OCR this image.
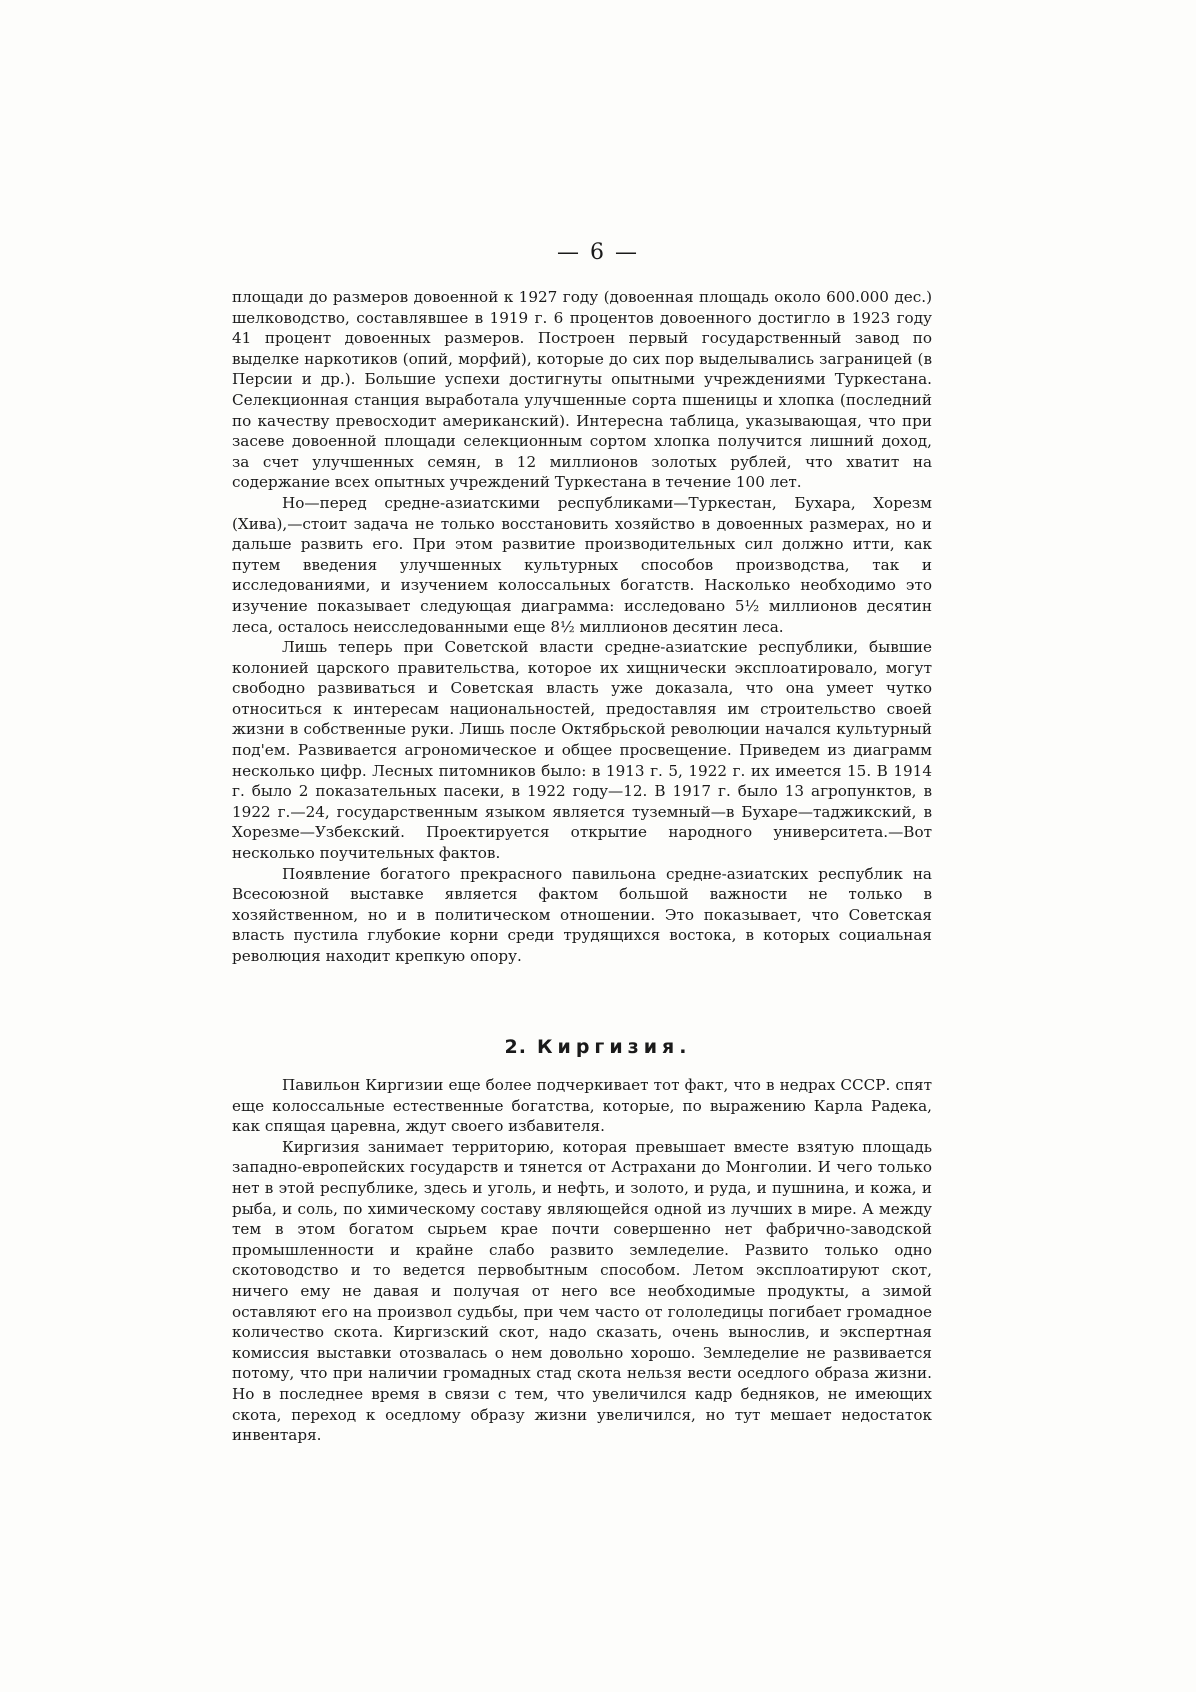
— 6 —

площади до размеров довоенной к 1927 году (довоенная площадь около 600.000 дес.) шелководство, составлявшее в 1919 г. 6 процентов довоенного достигло в 1923 году 41 процент довоенных размеров. Построен первый государственный завод по выделке наркотиков (опий, морфий), которые до сих пор выделывались заграницей (в Персии и др.). Большие успехи достигнуты опытными учреждениями Туркестана. Селекционная станция выработала улучшенные сорта пшеницы и хлопка (последний по качеству превосходит американский). Интересна таблица, указывающая, что при засеве довоенной площади селекционным сортом хлопка получится лишний доход, за счет улучшенных семян, в 12 миллионов золотых рублей, что хватит на содержание всех опытных учреждений Туркестана в течение 100 лет.

Но—перед средне-азиатскими республиками—Туркестан, Бухара, Хорезм (Хива),—стоит задача не только восстановить хозяйство в довоенных размерах, но и дальше развить его. При этом развитие производительных сил должно итти, как путем введения улучшенных культурных способов производства, так и исследованиями, и изучением колоссальных богатств. Насколько необходимо это изучение показывает следующая диаграмма: исследовано 5½ миллионов десятин леса, осталось неисследованными еще 8½ миллионов десятин леса.

Лишь теперь при Советской власти средне-азиатские республики, бывшие колонией царского правительства, которое их хищнически эксплоатировало, могут свободно развиваться и Советская власть уже доказала, что она умеет чутко относиться к интересам национальностей, предоставляя им строительство своей жизни в собственные руки. Лишь после Октябрьской революции начался культурный под'ем. Развивается агрономическое и общее просвещение. Приведем из диаграмм несколько цифр. Лесных питомников было: в 1913 г. 5, 1922 г. их имеется 15. В 1914 г. было 2 показательных пасеки, в 1922 году—12. В 1917 г. было 13 агропунктов, в 1922 г.—24, государственным языком является туземный—в Бухаре—таджикский, в Хорезме—Узбекский. Проектируется открытие народного университета.—Вот несколько поучительных фактов.

Появление богатого прекрасного павильона средне-азиатских республик на Всесоюзной выставке является фактом большой важности не только в хозяйственном, но и в политическом отношении. Это показывает, что Советская власть пустила глубокие корни среди трудящихся востока, в которых социальная революция находит крепкую опору.

2. Киргизия.

Павильон Киргизии еще более подчеркивает тот факт, что в недрах СССР. спят еще колоссальные естественные богатства, которые, по выражению Карла Радека, как спящая царевна, ждут своего избавителя.

Киргизия занимает территорию, которая превышает вместе взятую площадь западно-европейских государств и тянется от Астрахани до Монголии. И чего только нет в этой республике, здесь и уголь, и нефть, и золото, и руда, и пушнина, и кожа, и рыба, и соль, по химическому составу являющейся одной из лучших в мире. А между тем в этом богатом сырьем крае почти совершенно нет фабрично-заводской промышленности и крайне слабо развито земледелие. Развито только одно скотоводство и то ведется первобытным способом. Летом эксплоатируют скот, ничего ему не давая и получая от него все необходимые продукты, а зимой оставляют его на произвол судьбы, при чем часто от гололедицы погибает громадное количество скота. Киргизский скот, надо сказать, очень вынослив, и экспертная комиссия выставки отозвалась о нем довольно хорошо. Земледелие не развивается потому, что при наличии громадных стад скота нельзя вести оседлого образа жизни. Но в последнее время в связи с тем, что увеличился кадр бедняков, не имеющих скота, переход к оседлому образу жизни увеличился, но тут мешает недостаток инвентаря.
